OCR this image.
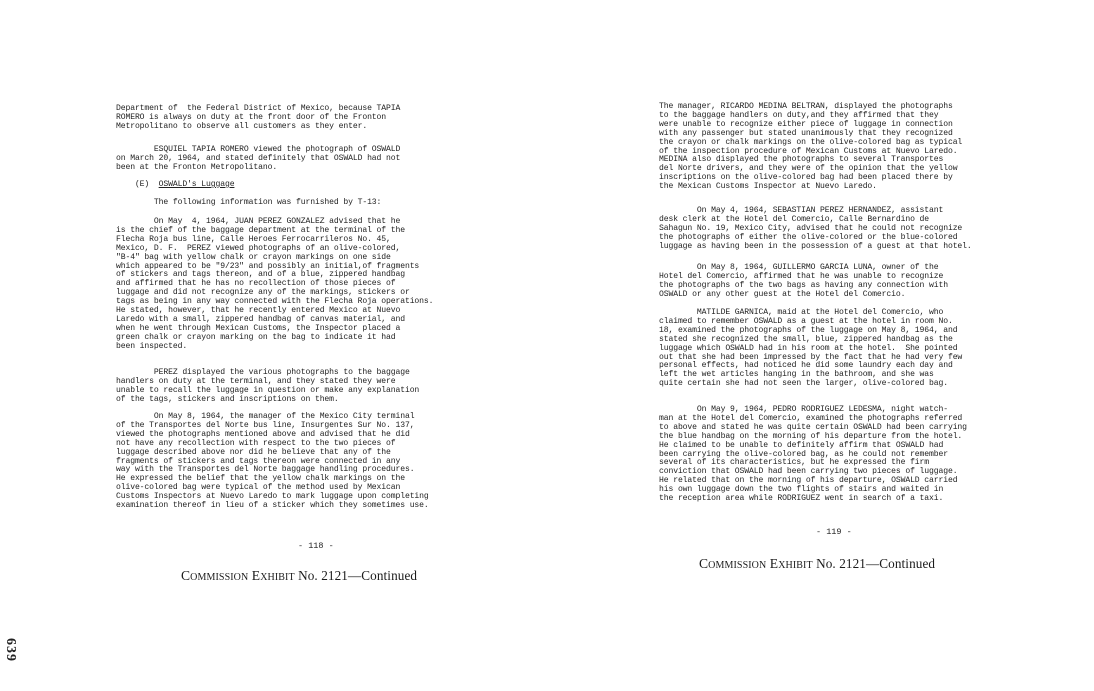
Department of  the Federal District of Mexico, because TAPIA
ROMERO is always on duty at the front door of the Fronton
Metropolitano to observe all customers as they enter.
ESQUIEL TAPIA ROMERO viewed the photograph of OSWALD
on March 20, 1964, and stated definitely that OSWALD had not
been at the Fronton Metropolitano.
(E)  OSWALD's Luggage
The following information was furnished by T-13:
On May  4, 1964, JUAN PEREZ GONZALEZ advised that he
is the chief of the baggage department at the terminal of the
Flecha Roja bus line, Calle Heroes Ferrocarrileros No. 45,
Mexico, D. F.  PEREZ viewed photographs of an olive-colored,
"B-4" bag with yellow chalk or crayon markings on one side
which appeared to be "9/23" and possibly an initial,of fragments
of stickers and tags thereon, and of a blue, zippered handbag
and affirmed that he has no recollection of those pieces of
luggage and did not recognize any of the markings, stickers or
tags as being in any way connected with the Flecha Roja operations.
He stated, however, that he recently entered Mexico at Nuevo
Laredo with a small, zippered handbag of canvas material, and
when he went through Mexican Customs, the Inspector placed a
green chalk or crayon marking on the bag to indicate it had
been inspected.
PEREZ displayed the various photographs to the baggage
handlers on duty at the terminal, and they stated they were
unable to recall the luggage in question or make any explanation
of the tags, stickers and inscriptions on them.
On May 8, 1964, the manager of the Mexico City terminal
of the Transportes del Norte bus line, Insurgentes Sur No. 137,
viewed the photographs mentioned above and advised that he did
not have any recollection with respect to the two pieces of
luggage described above nor did he believe that any of the
fragments of stickers and tags thereon were connected in any
way with the Transportes del Norte baggage handling procedures.
He expressed the belief that the yellow chalk markings on the
olive-colored bag were typical of the method used by Mexican
Customs Inspectors at Nuevo Laredo to mark luggage upon completing
examination thereof in lieu of a sticker which they sometimes use.
The manager, RICARDO MEDINA BELTRAN, displayed the photographs
to the baggage handlers on duty,and they affirmed that they
were unable to recognize either piece of luggage in connection
with any passenger but stated unanimously that they recognized
the crayon or chalk markings on the olive-colored bag as typical
of the inspection procedure of Mexican Customs at Nuevo Laredo.
MEDINA also displayed the photographs to several Transportes
del Norte drivers, and they were of the opinion that the yellow
inscriptions on the olive-colored bag had been placed there by
the Mexican Customs Inspector at Nuevo Laredo.
On May 4, 1964, SEBASTIAN PEREZ HERNANDEZ, assistant
desk clerk at the Hotel del Comercio, Calle Bernardino de
Sahagun No. 19, Mexico City, advised that he could not recognize
the photographs of either the olive-colored or the blue-colored
luggage as having been in the possession of a guest at that hotel.
On May 8, 1964, GUILLERMO GARCIA LUNA, owner of the
Hotel del Comercio, affirmed that he was unable to recognize
the photographs of the two bags as having any connection with
OSWALD or any other guest at the Hotel del Comercio.
MATILDE GARNICA, maid at the Hotel del Comercio, who
claimed to remember OSWALD as a guest at the hotel in room No.
18, examined the photographs of the luggage on May 8, 1964, and
stated she recognized the small, blue, zippered handbag as the
luggage which OSWALD had in his room at the hotel.  She pointed
out that she had been impressed by the fact that he had very few
personal effects, had noticed he did some laundry each day and
left the wet articles hanging in the bathroom, and she was
quite certain she had not seen the larger, olive-colored bag.
On May 9, 1964, PEDRO RODRIGUEZ LEDESMA, night watch-
man at the Hotel del Comercio, examined the photographs referred
to above and stated he was quite certain OSWALD had been carrying
the blue handbag on the morning of his departure from the hotel.
He claimed to be unable to definitely affirm that OSWALD had
been carrying the olive-colored bag, as he could not remember
several of its characteristics, but he expressed the firm
conviction that OSWALD had been carrying two pieces of luggage.
He related that on the morning of his departure, OSWALD carried
his own luggage down the two flights of stairs and waited in
the reception area while RODRIGUEZ went in search of a taxi.
- 118 -
- 119 -
Commission Exhibit No. 2121—Continued
Commission Exhibit No. 2121—Continued
639
